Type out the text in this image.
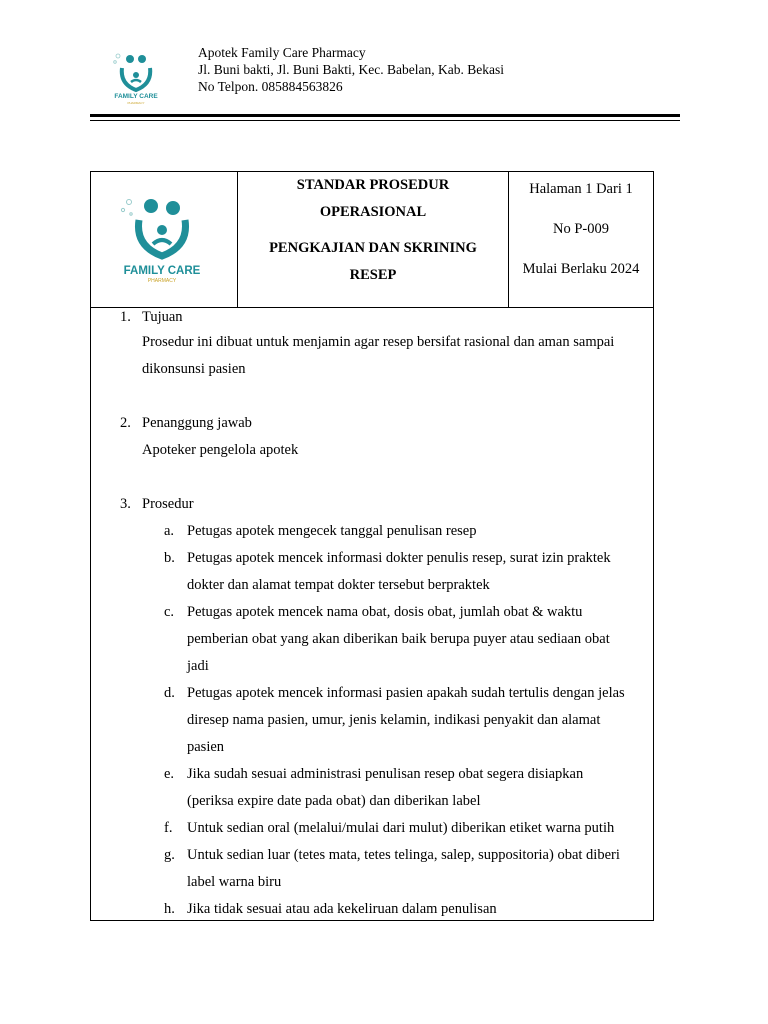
FAMILY CARE
PHARMACY
Apotek Family Care Pharmacy
Jl. Buni bakti, Jl. Buni Bakti, Kec. Babelan, Kab. Bekasi
No Telpon. 085884563826
FAMILY CARE
PHARMACY
STANDAR PROSEDUR
OPERASIONAL
PENGKAJIAN DAN SKRINING
RESEP
Halaman 1 Dari 1
No P-009
Mulai Berlaku 2024
1. Tujuan
Prosedur ini dibuat untuk menjamin agar resep bersifat rasional dan aman sampai
dikonsunsi pasien
2. Penanggung jawab
Apoteker pengelola apotek
3. Prosedur
a. Petugas apotek mengecek tanggal penulisan resep
b. Petugas apotek mencek informasi dokter penulis resep, surat izin praktek
dokter dan alamat tempat dokter tersebut berpraktek
c. Petugas apotek mencek nama obat, dosis obat, jumlah obat & waktu
pemberian obat yang akan diberikan baik berupa puyer atau sediaan obat
jadi
d. Petugas apotek mencek informasi pasien apakah sudah tertulis dengan jelas
diresep nama pasien, umur, jenis kelamin, indikasi penyakit dan alamat
pasien
e. Jika sudah sesuai administrasi penulisan resep obat segera disiapkan
(periksa expire date pada obat) dan diberikan label
f. Untuk sedian oral (melalui/mulai dari mulut) diberikan etiket warna putih
g. Untuk sedian luar (tetes mata, tetes telinga, salep, suppositoria) obat diberi
label warna biru
h. Jika tidak sesuai atau ada kekeliruan dalam penulisan
